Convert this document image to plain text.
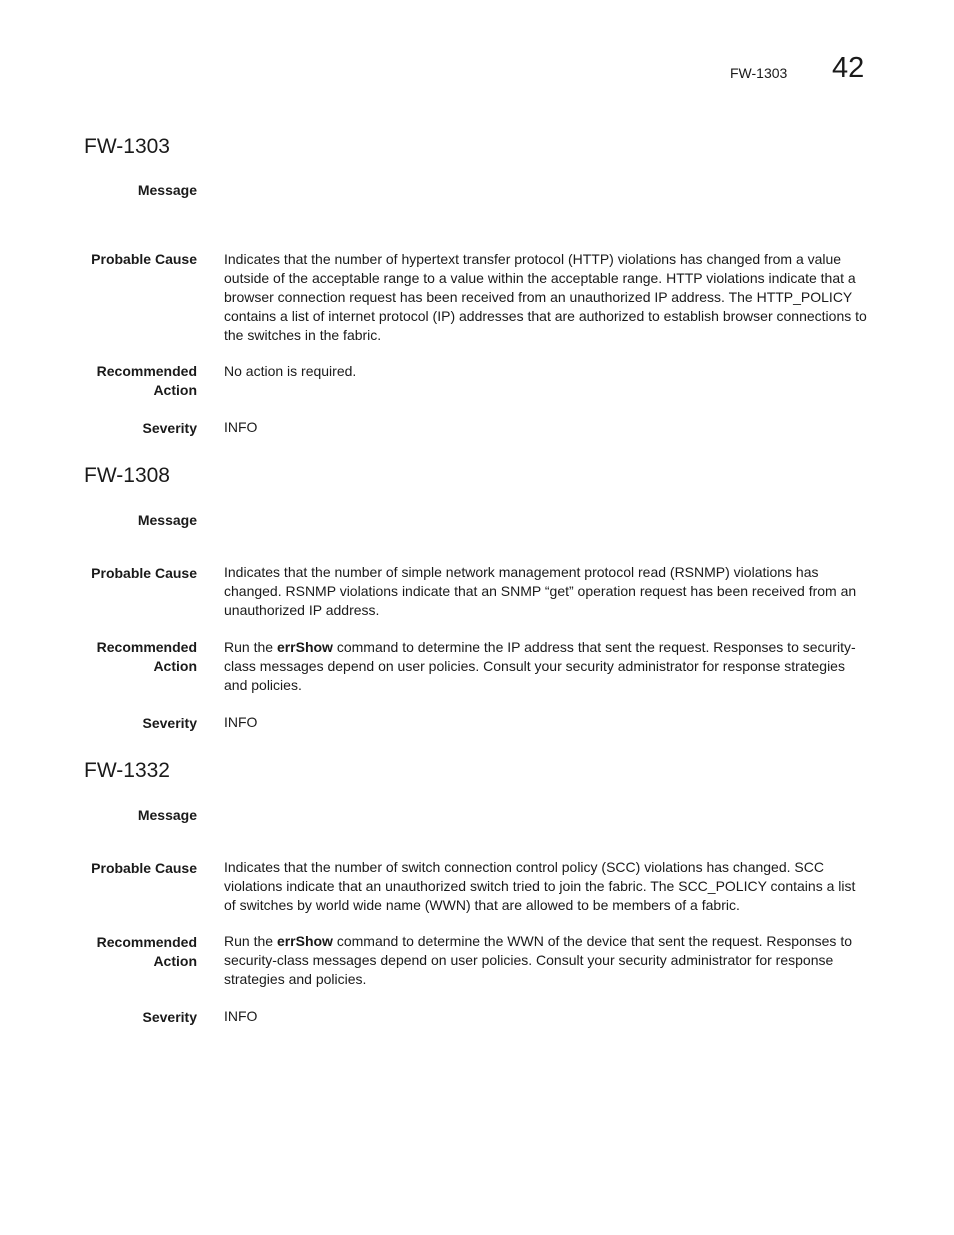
FW-1303 42
FW-1303
Message
Probable Cause Indicates that the number of hypertext transfer protocol (HTTP) violations has changed from a value outside of the acceptable range to a value within the acceptable range. HTTP violations indicate that a browser connection request has been received from an unauthorized IP address. The HTTP_POLICY contains a list of internet protocol (IP) addresses that are authorized to establish browser connections to the switches in the fabric.
Recommended
Action
No action is required.
Severity INFO
FW-1308
Message
Probable Cause Indicates that the number of simple network management protocol read (RSNMP) violations has changed. RSNMP violations indicate that an SNMP “get” operation request has been received from an unauthorized IP address.
Recommended
Action
Run the errShow command to determine the IP address that sent the request. Responses to security-class messages depend on user policies. Consult your security administrator for response strategies and policies.
Severity INFO
FW-1332
Message
Probable Cause Indicates that the number of switch connection control policy (SCC) violations has changed. SCC violations indicate that an unauthorized switch tried to join the fabric. The SCC_POLICY contains a list of switches by world wide name (WWN) that are allowed to be members of a fabric.
Recommended
Action
Run the errShow command to determine the WWN of the device that sent the request. Responses to security-class messages depend on user policies. Consult your security administrator for response strategies and policies.
Severity INFO
